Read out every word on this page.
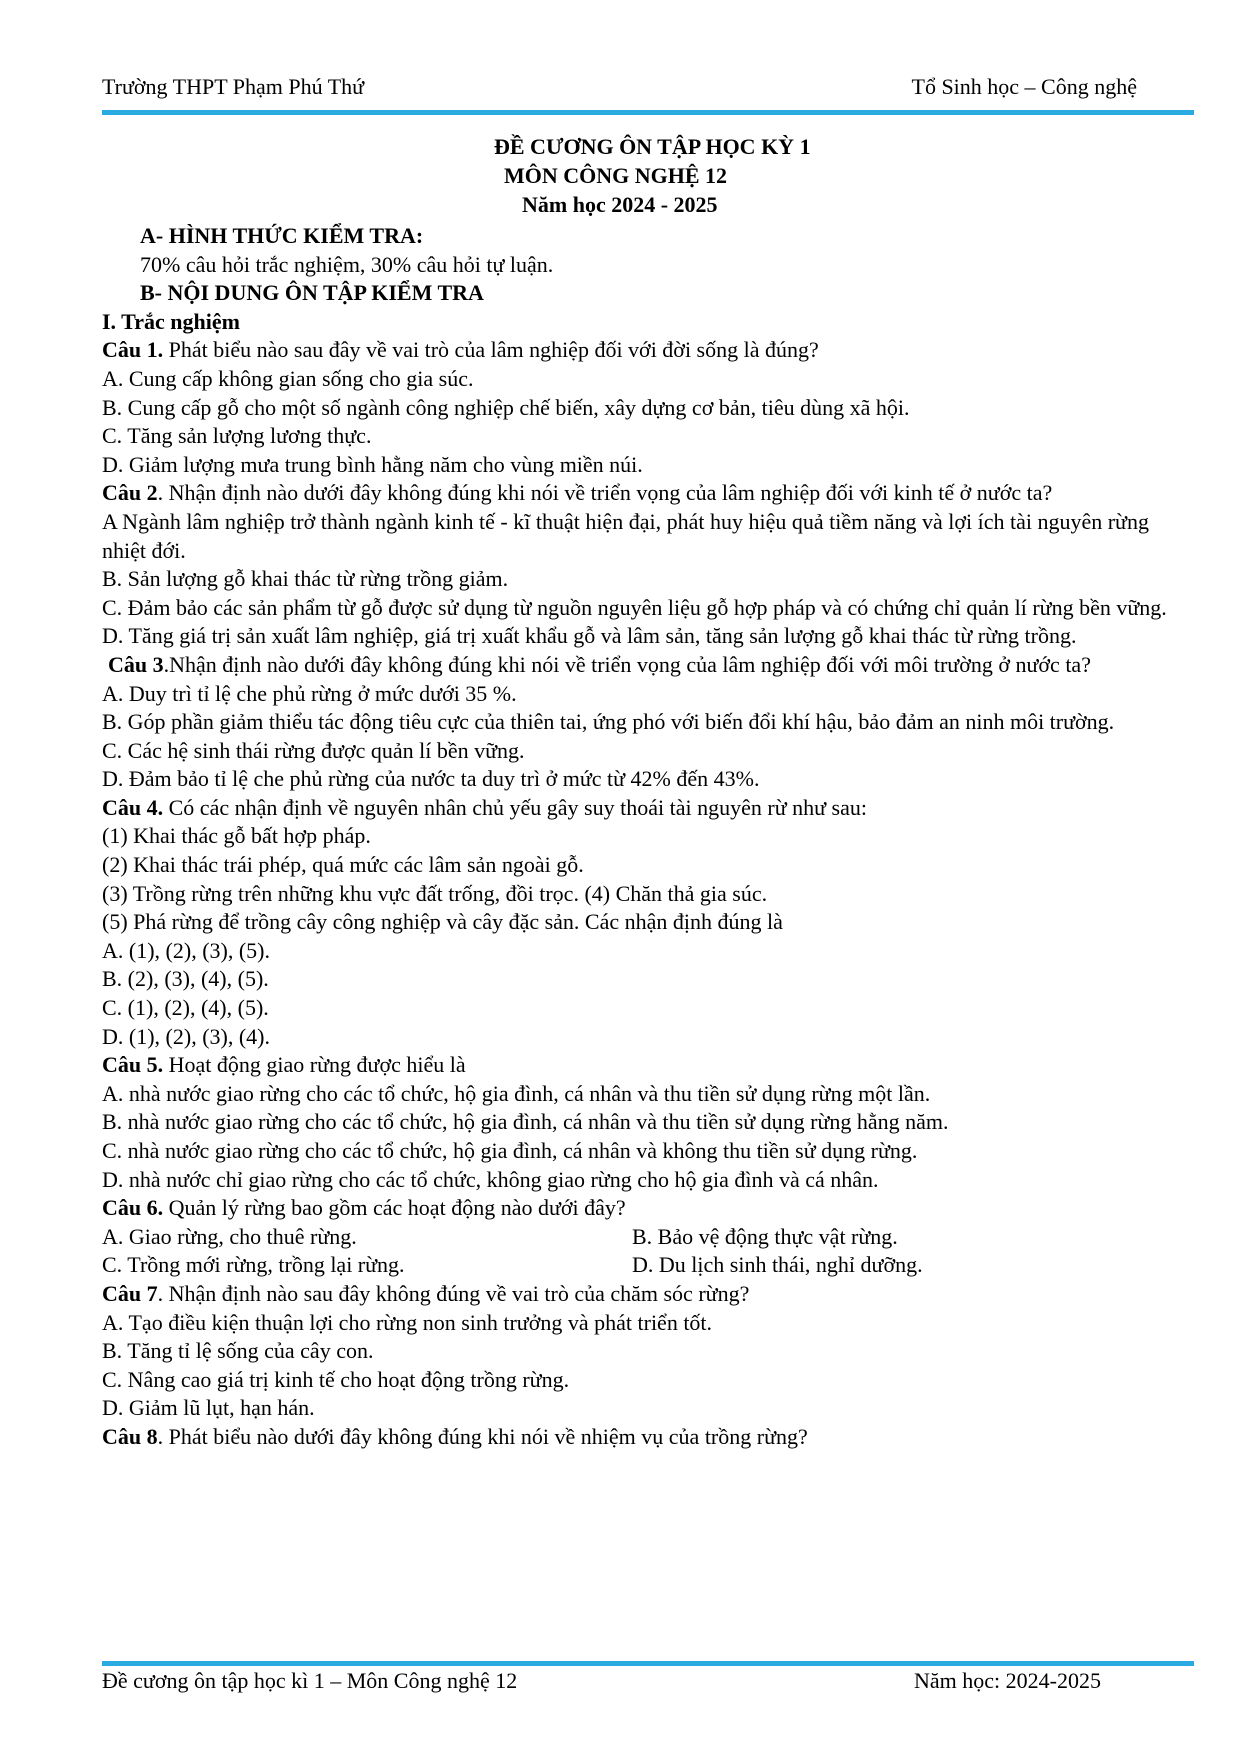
Trường THPT Phạm Phú Thứ	Tổ Sinh học – Công nghệ
ĐỀ CƯƠNG ÔN TẬP HỌC KỲ 1
MÔN CÔNG NGHỆ 12
Năm học 2024 - 2025

A- HÌNH THỨC KIỂM TRA:

70% câu hỏi trắc nghiệm, 30% câu hỏi tự luận.

B- NỘI DUNG ÔN TẬP KIỂM TRA

I. Trắc nghiệm

Câu 1. Phát biểu nào sau đây về vai trò của lâm nghiệp đối với đời sống là đúng?

A. Cung cấp không gian sống cho gia súc.

B. Cung cấp gỗ cho một số ngành công nghiệp chế biến, xây dựng cơ bản, tiêu dùng xã hội.

C. Tăng sản lượng lương thực.

D. Giảm lượng mưa trung bình hằng năm cho vùng miền núi.

Câu 2. Nhận định nào dưới đây không đúng khi nói về triển vọng của lâm nghiệp đối với kinh tế ở nước ta?

A Ngành lâm nghiệp trở thành ngành kinh tế - kĩ thuật hiện đại, phát huy hiệu quả tiềm năng và lợi ích tài nguyên rừng nhiệt đới.

B. Sản lượng gỗ khai thác từ rừng trồng giảm.

C. Đảm bảo các sản phẩm từ gỗ được sử dụng từ nguồn nguyên liệu gỗ hợp pháp và có chứng chỉ quản lí rừng bền vững.

D. Tăng giá trị sản xuất lâm nghiệp, giá trị xuất khẩu gỗ và lâm sản, tăng sản lượng gỗ khai thác từ rừng trồng.

Câu 3.Nhận định nào dưới đây không đúng khi nói về triển vọng của lâm nghiệp đối với môi trường ở nước ta?

A. Duy trì tỉ lệ che phủ rừng ở mức dưới 35 %.

B. Góp phần giảm thiểu tác động tiêu cực của thiên tai, ứng phó với biến đổi khí hậu, bảo đảm an ninh môi trường.

C. Các hệ sinh thái rừng được quản lí bền vững.

D. Đảm bảo tỉ lệ che phủ rừng của nước ta duy trì ở mức từ 42% đến 43%.

Câu 4. Có các nhận định về nguyên nhân chủ yếu gây suy thoái tài nguyên rừ như sau:

(1) Khai thác gỗ bất hợp pháp.

(2) Khai thác trái phép, quá mức các lâm sản ngoài gỗ.

(3) Trồng rừng trên những khu vực đất trống, đồi trọc. (4) Chăn thả gia súc.

(5) Phá rừng để trồng cây công nghiệp và cây đặc sản. Các nhận định đúng là

A. (1), (2), (3), (5).

B. (2), (3), (4), (5).

C. (1), (2), (4), (5).

D. (1), (2), (3), (4).

Câu 5. Hoạt động giao rừng được hiểu là

A. nhà nước giao rừng cho các tổ chức, hộ gia đình, cá nhân và thu tiền sử dụng rừng một lần.

B. nhà nước giao rừng cho các tổ chức, hộ gia đình, cá nhân và thu tiền sử dụng rừng hằng năm.

C. nhà nước giao rừng cho các tổ chức, hộ gia đình, cá nhân và không thu tiền sử dụng rừng.

D. nhà nước chỉ giao rừng cho các tổ chức, không giao rừng cho hộ gia đình và cá nhân.

Câu 6. Quản lý rừng bao gồm các hoạt động nào dưới đây?

A. Giao rừng, cho thuê rừng.	B. Bảo vệ động thực vật rừng.
C. Trồng mới rừng, trồng lại rừng.	D. Du lịch sinh thái, nghỉ dưỡng.

Câu 7. Nhận định nào sau đây không đúng về vai trò của chăm sóc rừng?

A. Tạo điều kiện thuận lợi cho rừng non sinh trưởng và phát triển tốt.

B. Tăng tỉ lệ sống của cây con.

C. Nâng cao giá trị kinh tế cho hoạt động trồng rừng.

D. Giảm lũ lụt, hạn hán.

Câu 8. Phát biểu nào dưới đây không đúng khi nói về nhiệm vụ của trồng rừng?

Đề cương ôn tập học kì 1 – Môn Công nghệ 12	Năm học: 2024-2025
